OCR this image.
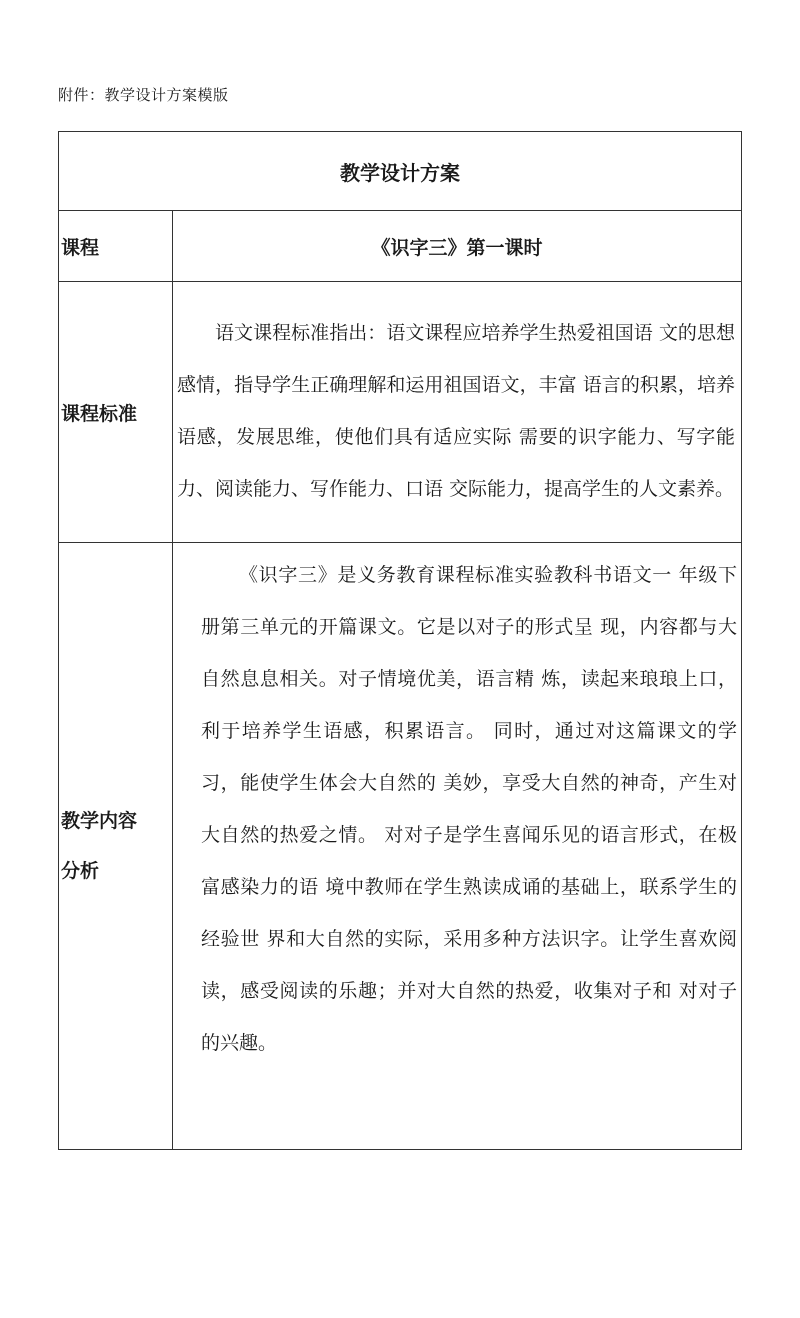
附件：教学设计方案模版
教学设计方案	
课程	《识字三》第一课时
课程标准	语文课程标准指出：语文课程应培养学生热爱祖国语 文的思想感情，指导学生正确理解和运用祖国语文，丰富 语言的积累，培养语感，发展思维，使他们具有适应实际 需要的识字能力、写字能力、阅读能力、写作能力、口语 交际能力，提高学生的人文素养。

教学内容
分析	《识字三》是义务教育课程标准实验教科书语文一 年级下册第三单元的开篇课文。它是以对子的形式呈 现，内容都与大自然息息相关。对子情境优美，语言精 炼，读起来琅琅上口，利于培养学生语感，积累语言。 同时，通过对这篇课文的学习，能使学生体会大自然的 美妙，享受大自然的神奇，产生对大自然的热爱之情。 对对子是学生喜闻乐见的语言形式，在极富感染力的语 境中教师在学生熟读成诵的基础上，联系学生的经验世 界和大自然的实际，采用多种方法识字。让学生喜欢阅 读，感受阅读的乐趣；并对大自然的热爱，收集对子和 对对子的兴趣。
